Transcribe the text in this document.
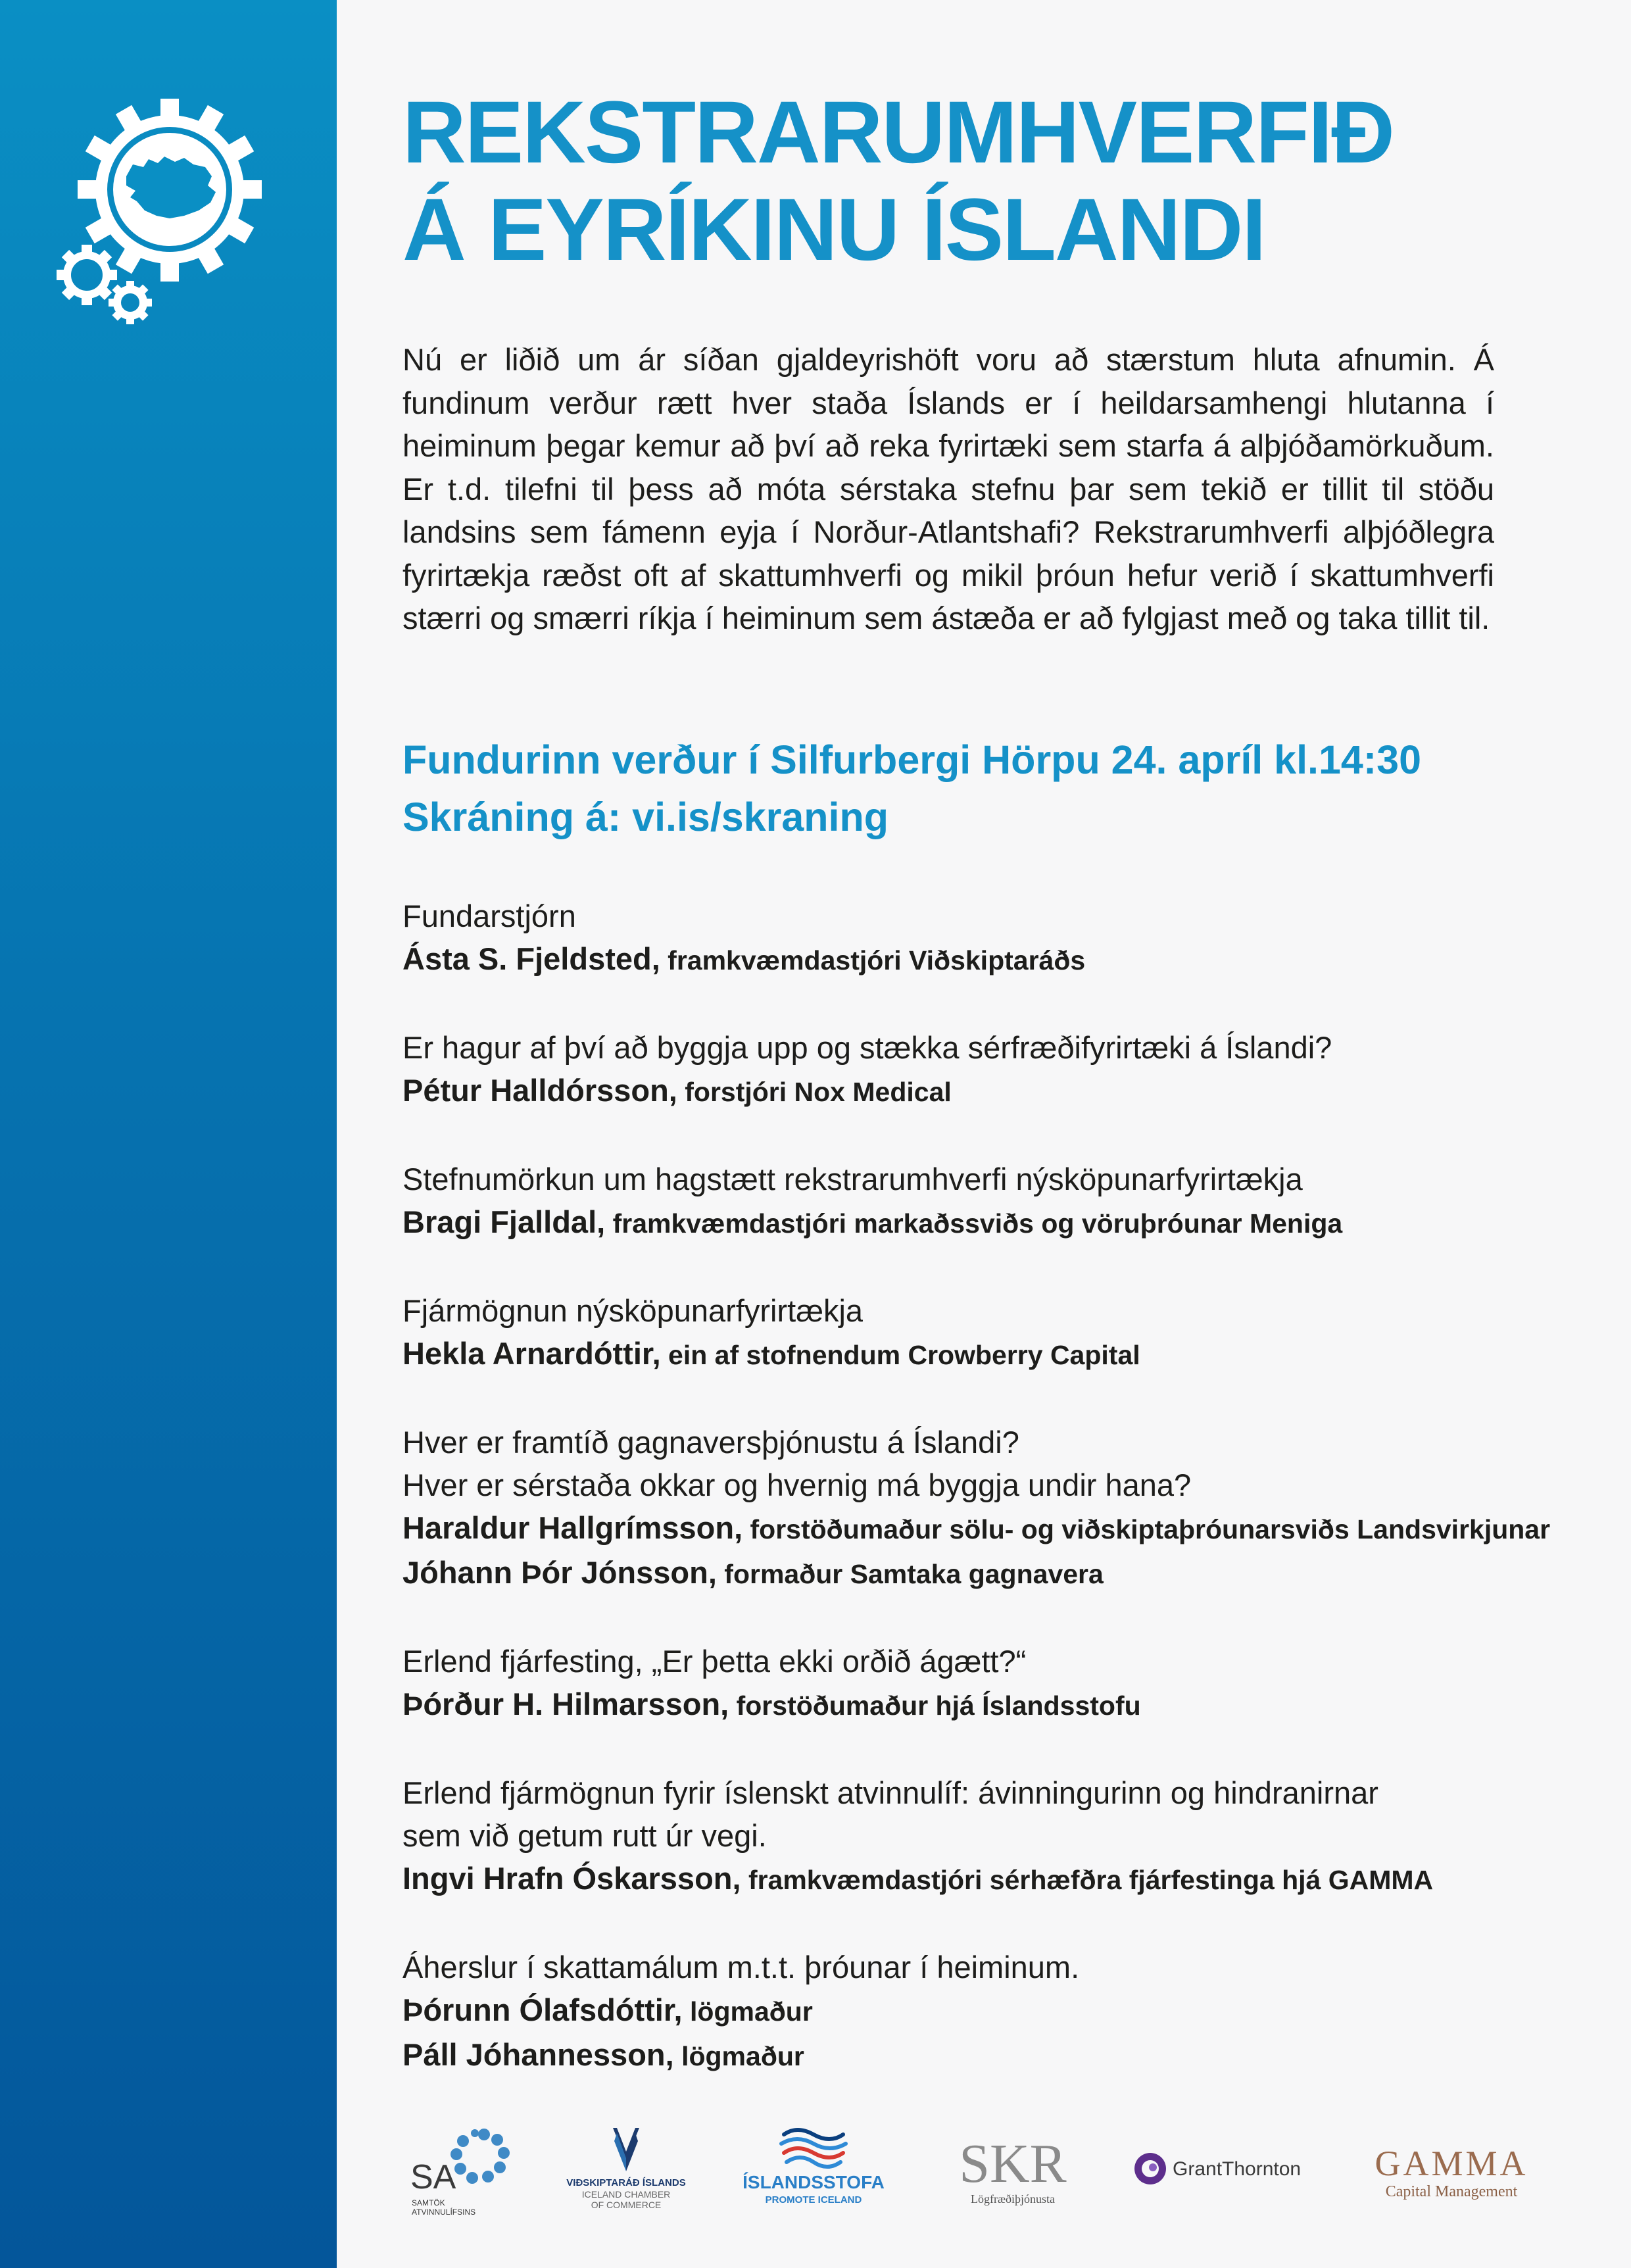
REKSTRARUMHVERFIÐ
Á EYRÍKINU ÍSLANDI

Nú er liðið um ár síðan gjaldeyrishöft voru að stærstum hluta afnumin. Á fundinum verður rætt hver staða Íslands er í heildarsamhengi hlutanna í heiminum þegar kemur að því að reka fyrirtæki sem starfa á alþjóðamörkuðum. Er t.d. tilefni til þess að móta sérstaka stefnu þar sem tekið er tillit til stöðu landsins sem fámenn eyja í Norður-Atlantshafi? Rekstrarumhverfi alþjóðlegra fyrirtækja ræðst oft af skattumhverfi og mikil þróun hefur verið í skattumhverfi stærri og smærri ríkja í heiminum sem ástæða er að fylgjast með og taka tillit til.

Fundurinn verður í Silfurbergi Hörpu 24. apríl kl.14:30
Skráning á: vi.is/skraning
Fundarstjórn
Ásta S. Fjeldsted, framkvæmdastjóri Viðskiptaráðs
Er hagur af því að byggja upp og stækka sérfræðifyrirtæki á Íslandi?
Pétur Halldórsson, forstjóri Nox Medical
Stefnumörkun um hagstætt rekstrarumhverfi nýsköpunarfyrirtækja
Bragi Fjalldal, framkvæmdastjóri markaðssviðs og vöruþróunar Meniga
Fjármögnun nýsköpunarfyrirtækja
Hekla Arnardóttir, ein af stofnendum Crowberry Capital
Hver er framtíð gagnaversþjónustu á Íslandi?
Hver er sérstaða okkar og hvernig má byggja undir hana?
Haraldur Hallgrímsson, forstöðumaður sölu- og viðskiptaþróunarsviðs Landsvirkjunar
Jóhann Þór Jónsson, formaður Samtaka gagnavera
Erlend fjárfesting, „Er þetta ekki orðið ágætt?“
Þórður H. Hilmarsson, forstöðumaður hjá Íslandsstofu
Erlend fjármögnun fyrir íslenskt atvinnulíf: ávinningurinn og hindranirnar
sem við getum rutt úr vegi.
Ingvi Hrafn Óskarsson, framkvæmdastjóri sérhæfðra fjárfestinga hjá GAMMA
Áherslur í skattamálum m.t.t. þróunar í heiminum.
Þórunn Ólafsdóttir, lögmaður
Páll Jóhannesson, lögmaður
SA
SAMTÖK
ATVINNULÍFSINS
VIÐSKIPTARÁÐ ÍSLANDS
ICELAND CHAMBER
OF COMMERCE
ÍSLANDSSTOFA
PROMOTE ICELAND
SKR
Lögfræðiþjónusta
GrantThornton GAMMA
Capital Management
